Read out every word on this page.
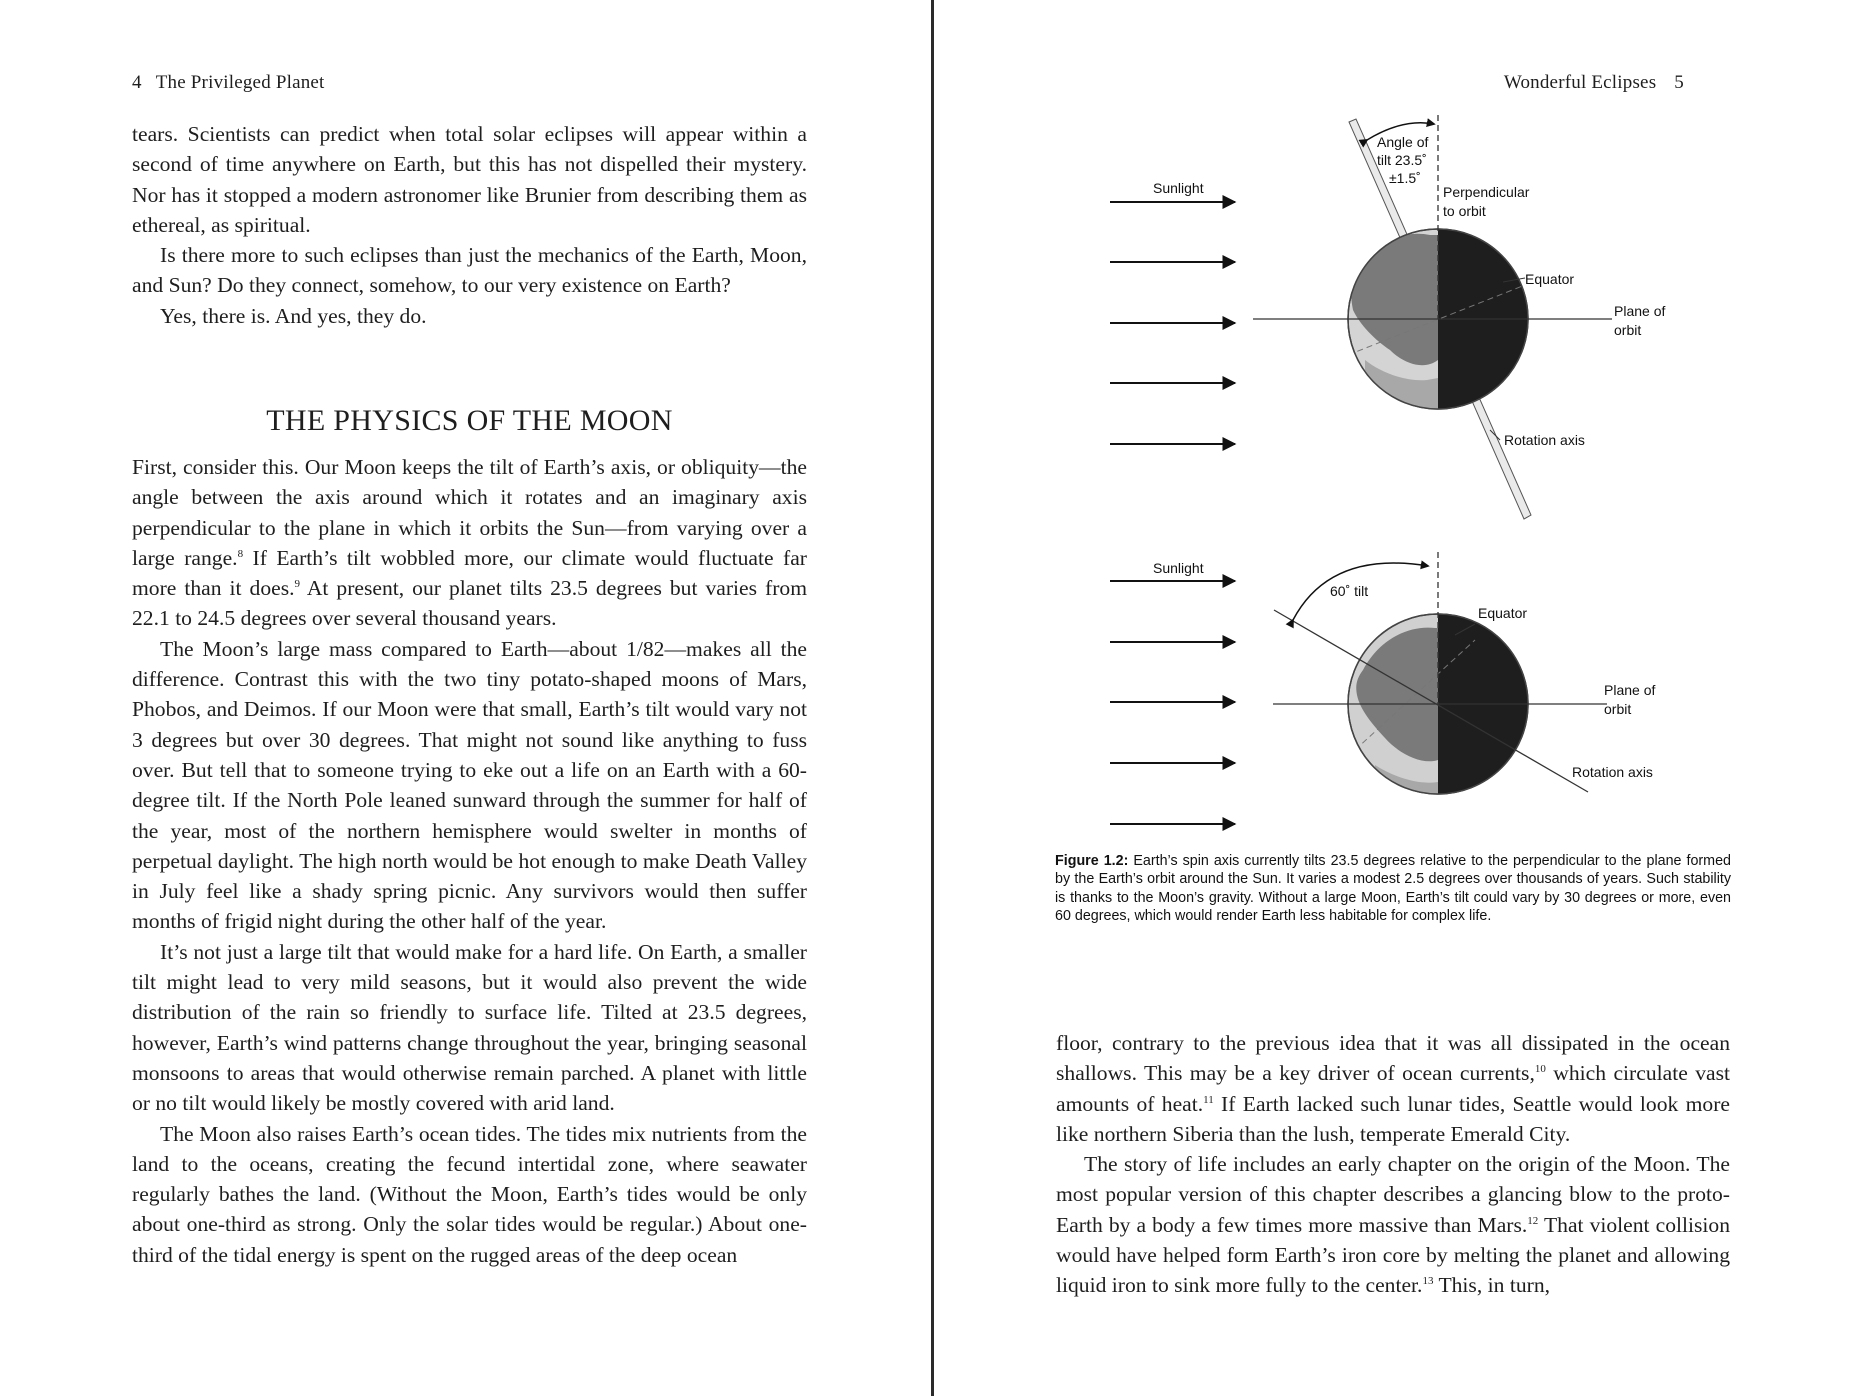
4 The Privileged Planet

tears. Scientists can predict when total solar eclipses will appear within a second of time anywhere on Earth, but this has not dispelled their mystery. Nor has it stopped a modern astronomer like Brunier from describing them as ethereal, as spiritual.

Is there more to such eclipses than just the mechanics of the Earth, Moon, and Sun? Do they connect, somehow, to our very existence on Earth?

Yes, there is. And yes, they do.

THE PHYSICS OF THE MOON

First, consider this. Our Moon keeps the tilt of Earth’s axis, or obliquity—the angle between the axis around which it rotates and an imaginary axis perpendicular to the plane in which it orbits the Sun—from varying over a large range.$^8$ If Earth’s tilt wobbled more, our climate would fluctuate far more than it does.$^9$ At present, our planet tilts 23.5 degrees but varies from 22.1 to 24.5 degrees over several thousand years.

The Moon’s large mass compared to Earth—about 1/82—makes all the difference. Contrast this with the two tiny potato-shaped moons of Mars, Phobos, and Deimos. If our Moon were that small, Earth’s tilt would vary not 3 degrees but over 30 degrees. That might not sound like anything to fuss over. But tell that to someone trying to eke out a life on an Earth with a 60-degree tilt. If the North Pole leaned sunward through the summer for half of the year, most of the northern hemisphere would swelter in months of perpetual daylight. The high north would be hot enough to make Death Valley in July feel like a shady spring picnic. Any survivors would then suffer months of frigid night during the other half of the year.

It’s not just a large tilt that would make for a hard life. On Earth, a smaller tilt might lead to very mild seasons, but it would also prevent the wide distribution of the rain so friendly to surface life. Tilted at 23.5 degrees, however, Earth’s wind patterns change throughout the year, bringing seasonal monsoons to areas that would otherwise remain parched. A planet with little or no tilt would likely be mostly covered with arid land.

The Moon also raises Earth’s ocean tides. The tides mix nutrients from the land to the oceans, creating the fecund intertidal zone, where seawater regularly bathes the land. (Without the Moon, Earth’s tides would be only about one-third as strong. Only the solar tides would be regular.) About one-third of the tidal energy is spent on the rugged areas of the deep ocean

Wonderful Eclipses 5
Sunlight
Angle of
tilt 23.5˚
±1.5˚
Perpendicular
to orbit
Equator
Plane of
orbit
Rotation axis
Sunlight
60˚ tilt
Equator
Plane of
orbit
Rotation axis
Figure 1.2: Earth’s spin axis currently tilts 23.5 degrees relative to the perpendicular to the plane formed by the Earth’s orbit around the Sun. It varies a modest 2.5 degrees over thousands of years. Such stability is thanks to the Moon’s gravity. Without a large Moon, Earth’s tilt could vary by 30 degrees or more, even 60 degrees, which would render Earth less habitable for complex life.

floor, contrary to the previous idea that it was all dissipated in the ocean shallows. This may be a key driver of ocean currents,$^{10}$ which circulate vast amounts of heat.$^{11}$ If Earth lacked such lunar tides, Seattle would look more like northern Siberia than the lush, temperate Emerald City.

The story of life includes an early chapter on the origin of the Moon. The most popular version of this chapter describes a glancing blow to the proto-Earth by a body a few times more massive than Mars.$^{12}$ That violent collision would have helped form Earth’s iron core by melting the planet and allowing liquid iron to sink more fully to the center.$^{13}$ This, in turn,
